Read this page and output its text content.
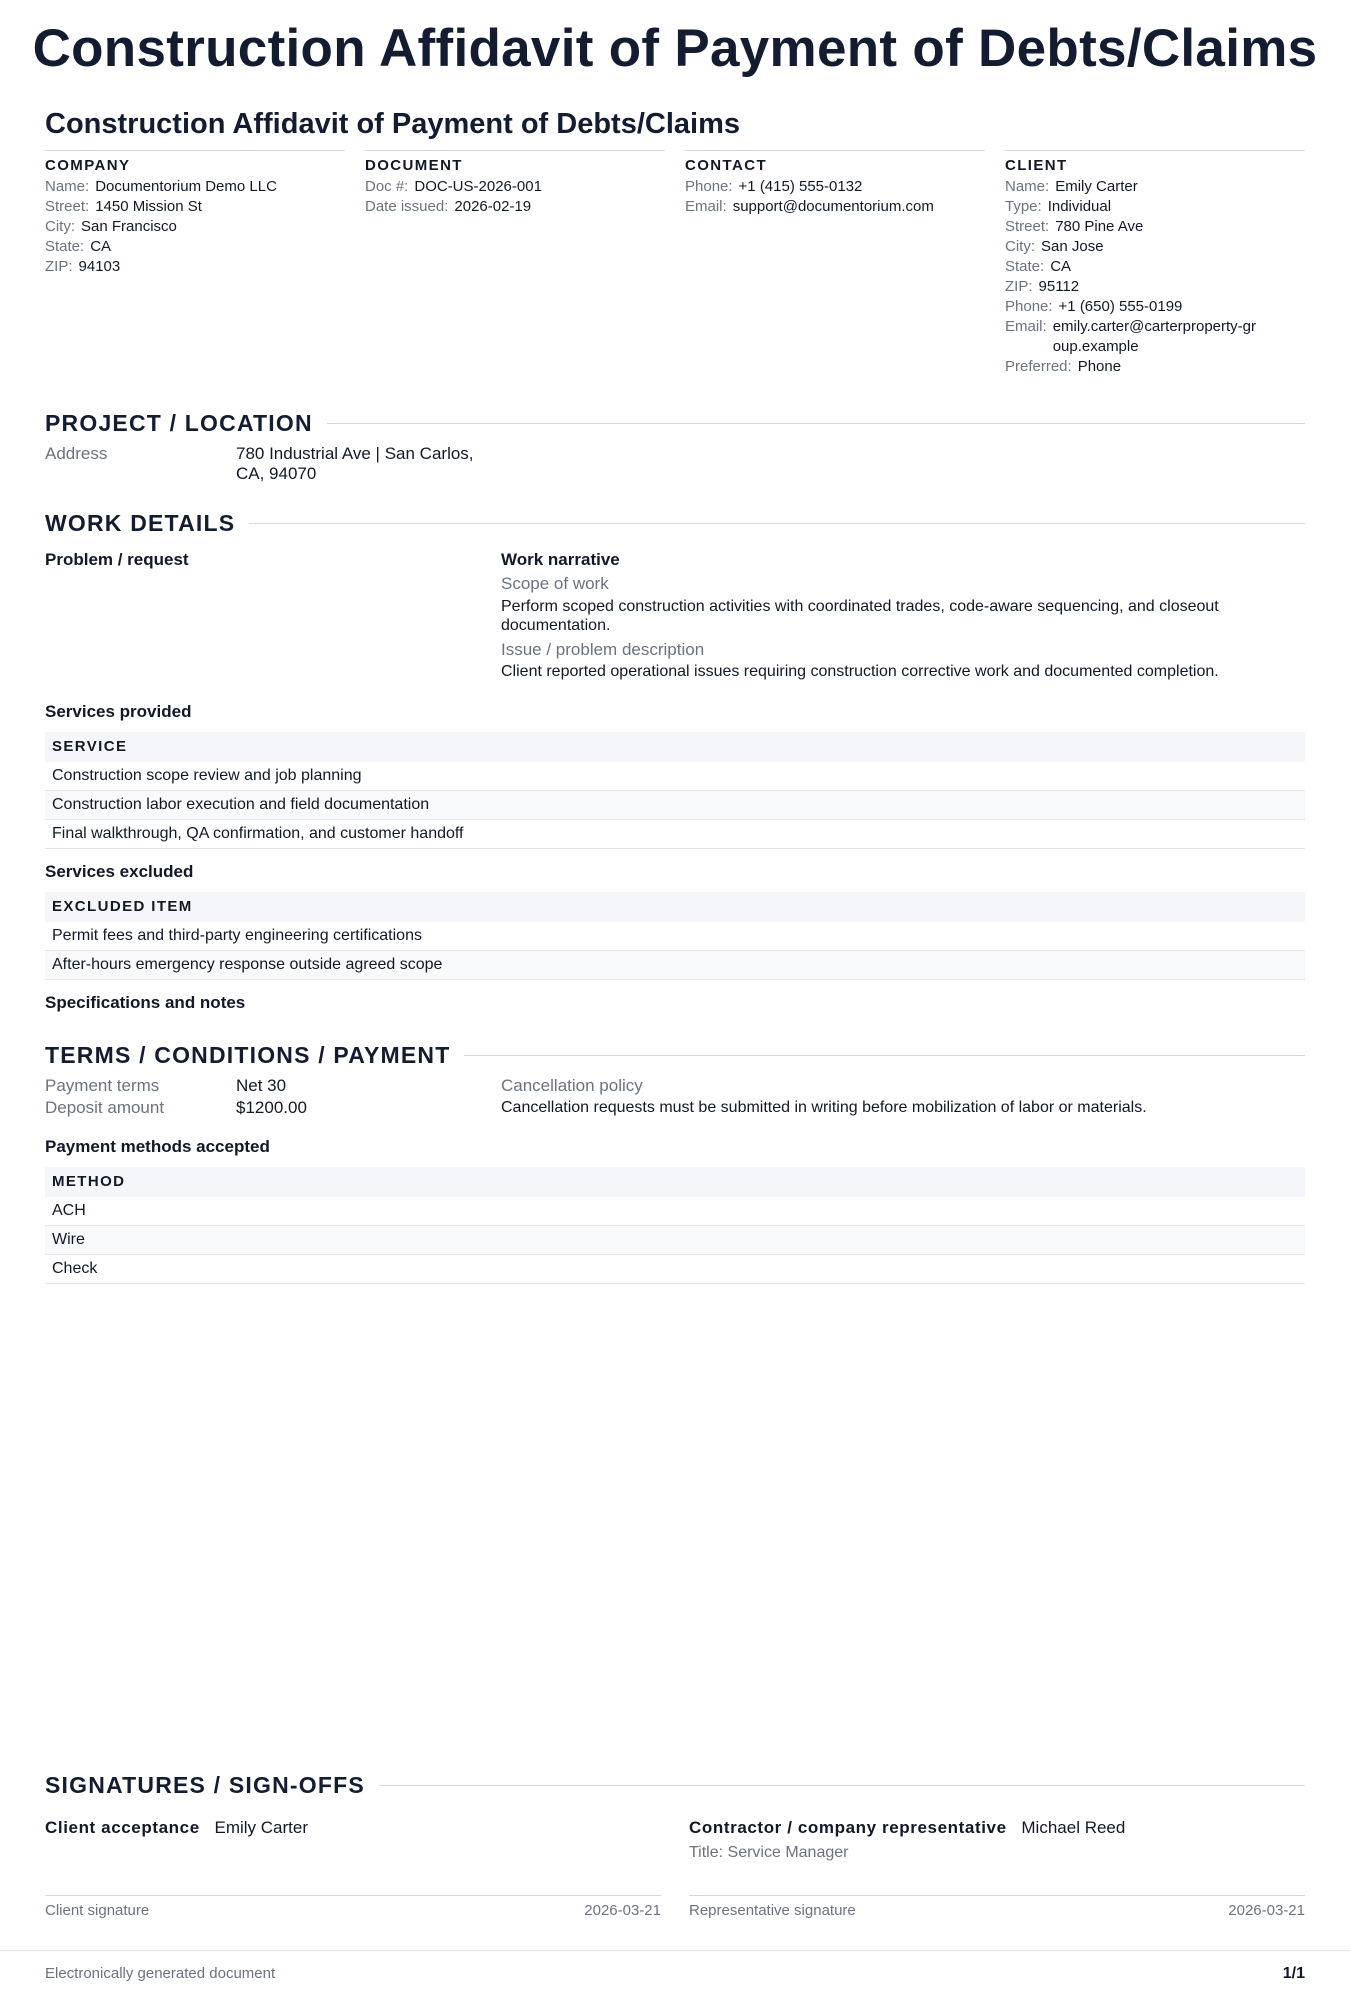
Construction Affidavit of Payment of Debts/Claims
Construction Affidavit of Payment of Debts/Claims
COMPANY
Name: Documentorium Demo LLC
Street: 1450 Mission St
City: San Francisco
State: CA
ZIP: 94103
DOCUMENT
Doc #: DOC-US-2026-001
Date issued: 2026-02-19
CONTACT
Phone: +1 (415) 555-0132
Email: support@documentorium.com
CLIENT
Name: Emily Carter
Type: Individual
Street: 780 Pine Ave
City: San Jose
State: CA
ZIP: 95112
Phone: +1 (650) 555-0199
Email: emily.carter@carterproperty-group.example
Preferred: Phone
PROJECT / LOCATION
Address	780 Industrial Ave | San Carlos, CA, 94070
WORK DETAILS
Problem / request	Work narrative
Scope of work
Perform scoped construction activities with coordinated trades, code-aware sequencing, and closeout documentation.
Issue / problem description
Client reported operational issues requiring construction corrective work and documented completion.
Services provided
SERVICE
Construction scope review and job planning
Construction labor execution and field documentation
Final walkthrough, QA confirmation, and customer handoff
Services excluded
EXCLUDED ITEM
Permit fees and third-party engineering certifications
After-hours emergency response outside agreed scope
Specifications and notes
TERMS / CONDITIONS / PAYMENT
Payment terms	Net 30
Deposit amount	$1200.00
Cancellation policy
Cancellation requests must be submitted in writing before mobilization of labor or materials.
Payment methods accepted
METHOD
ACH
Wire
Check
SIGNATURES / SIGN-OFFS
Client acceptance Emily Carter	Contractor / company representative Michael Reed
Title: Service Manager
Client signature	2026-03-21 Representative signature	2026-03-21
Electronically generated document	1/1
